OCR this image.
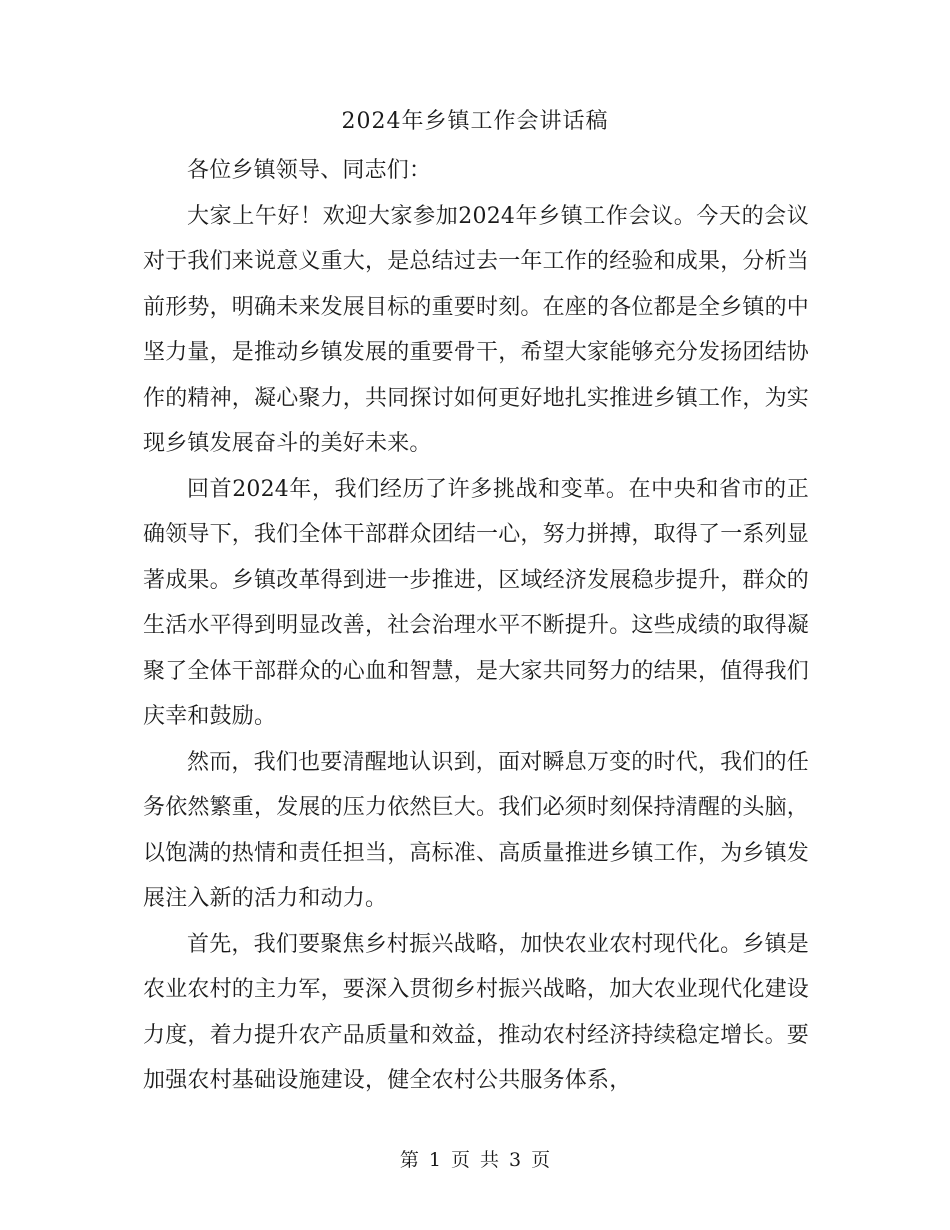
2024年乡镇工作会讲话稿

各位乡镇领导、同志们：

大家上午好！欢迎大家参加2024年乡镇工作会议。今天的会议对于我们来说意义重大，是总结过去一年工作的经验和成果，分析当前形势，明确未来发展目标的重要时刻。在座的各位都是全乡镇的中坚力量，是推动乡镇发展的重要骨干，希望大家能够充分发扬团结协作的精神，凝心聚力，共同探讨如何更好地扎实推进乡镇工作，为实现乡镇发展奋斗的美好未来。

回首2024年，我们经历了许多挑战和变革。在中央和省市的正确领导下，我们全体干部群众团结一心，努力拼搏，取得了一系列显著成果。乡镇改革得到进一步推进，区域经济发展稳步提升，群众的生活水平得到明显改善，社会治理水平不断提升。这些成绩的取得凝聚了全体干部群众的心血和智慧，是大家共同努力的结果，值得我们庆幸和鼓励。

然而，我们也要清醒地认识到，面对瞬息万变的时代，我们的任务依然繁重，发展的压力依然巨大。我们必须时刻保持清醒的头脑，以饱满的热情和责任担当，高标准、高质量推进乡镇工作，为乡镇发展注入新的活力和动力。

首先，我们要聚焦乡村振兴战略，加快农业农村现代化。乡镇是农业农村的主力军，要深入贯彻乡村振兴战略，加大农业现代化建设力度，着力提升农产品质量和效益，推动农村经济持续稳定增长。要加强农村基础设施建设，健全农村公共服务体系，

第 1 页 共 3 页
